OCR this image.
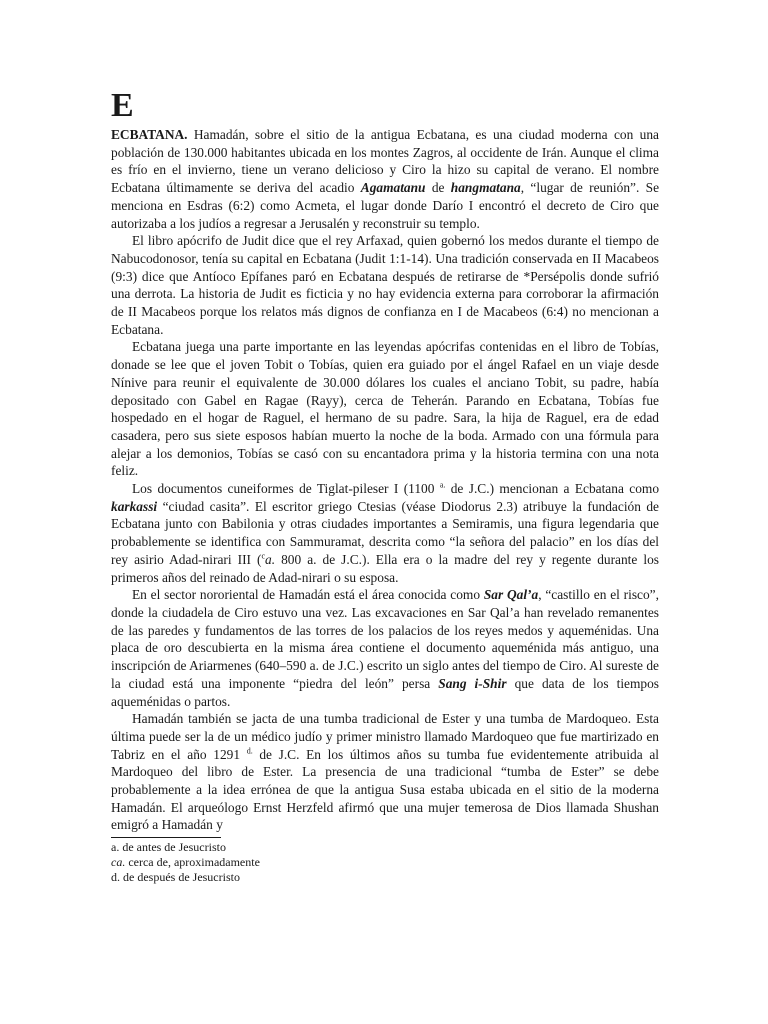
E

ECBATANA. Hamadán, sobre el sitio de la antigua Ecbatana, es una ciudad moderna con una población de 130.000 habitantes ubicada en los montes Zagros, al occidente de Irán. Aunque el clima es frío en el invierno, tiene un verano delicioso y Ciro la hizo su capital de verano. El nombre Ecbatana últimamente se deriva del acadio Agamatanu de hangmatana, “lugar de reunión”. Se menciona en Esdras (6:2) como Acmeta, el lugar donde Darío I encontró el decreto de Ciro que autorizaba a los judíos a regresar a Jerusalén y reconstruir su templo.

El libro apócrifo de Judit dice que el rey Arfaxad, quien gobernó los medos durante el tiempo de Nabucodonosor, tenía su capital en Ecbatana (Judit 1:1-14). Una tradición conservada en II Macabeos (9:3) dice que Antíoco Epífanes paró en Ecbatana después de retirarse de *Persépolis donde sufrió una derrota. La historia de Judit es ficticia y no hay evidencia externa para corroborar la afirmación de II Macabeos porque los relatos más dignos de confianza en I de Macabeos (6:4) no mencionan a Ecbatana.

Ecbatana juega una parte importante en las leyendas apócrifas contenidas en el libro de Tobías, donade se lee que el joven Tobit o Tobías, quien era guiado por el ángel Rafael en un viaje desde Nínive para reunir el equivalente de 30.000 dólares los cuales el anciano Tobit, su padre, había depositado con Gabel en Ragae (Rayy), cerca de Teherán. Parando en Ecbatana, Tobías fue hospedado en el hogar de Raguel, el hermano de su padre. Sara, la hija de Raguel, era de edad casadera, pero sus siete esposos habían muerto la noche de la boda. Armado con una fórmula para alejar a los demonios, Tobías se casó con su encantadora prima y la historia termina con una nota feliz.

Los documentos cuneiformes de Tiglat-pileser I (1100 $^{a.}$ de J.C.) mencionan a Ecbatana como karkassi “ciudad casita”. El escritor griego Ctesias (véase Diodorus 2.3) atribuye la fundación de Ecbatana junto con Babilonia y otras ciudades importantes a Semiramis, una figura legendaria que probablemente se identifica con Sammuramat, descrita como “la señora del palacio” en los días del rey asirio Adad-nirari III ($^c$a. 800 a. de J.C.). Ella era o la madre del rey y regente durante los primeros años del reinado de Adad-nirari o su esposa.

En el sector nororiental de Hamadán está el área conocida como Sar Qal’a, “castillo en el risco”, donde la ciudadela de Ciro estuvo una vez. Las excavaciones en Sar Qal’a han revelado remanentes de las paredes y fundamentos de las torres de los palacios de los reyes medos y aqueménidas. Una placa de oro descubierta en la misma área contiene el documento aqueménida más antiguo, una inscripción de Ariarmenes (640–590 a. de J.C.) escrito un siglo antes del tiempo de Ciro. Al sureste de la ciudad está una imponente “piedra del león” persa Sang i-Shir que data de los tiempos aqueménidas o partos.

Hamadán también se jacta de una tumba tradicional de Ester y una tumba de Mardoqueo. Esta última puede ser la de un médico judío y primer ministro llamado Mardoqueo que fue martirizado en Tabriz en el año 1291 $^{d.}$ de J.C. En los últimos años su tumba fue evidentemente atribuida al Mardoqueo del libro de Ester. La presencia de una tradicional “tumba de Ester” se debe probablemente a la idea errónea de que la antigua Susa estaba ubicada en el sitio de la moderna Hamadán. El arqueólogo Ernst Herzfeld afirmó que una mujer temerosa de Dios llamada Shushan emigró a Hamadán y

a. de antes de Jesucristo

ca. cerca de, aproximadamente

d. de después de Jesucristo
